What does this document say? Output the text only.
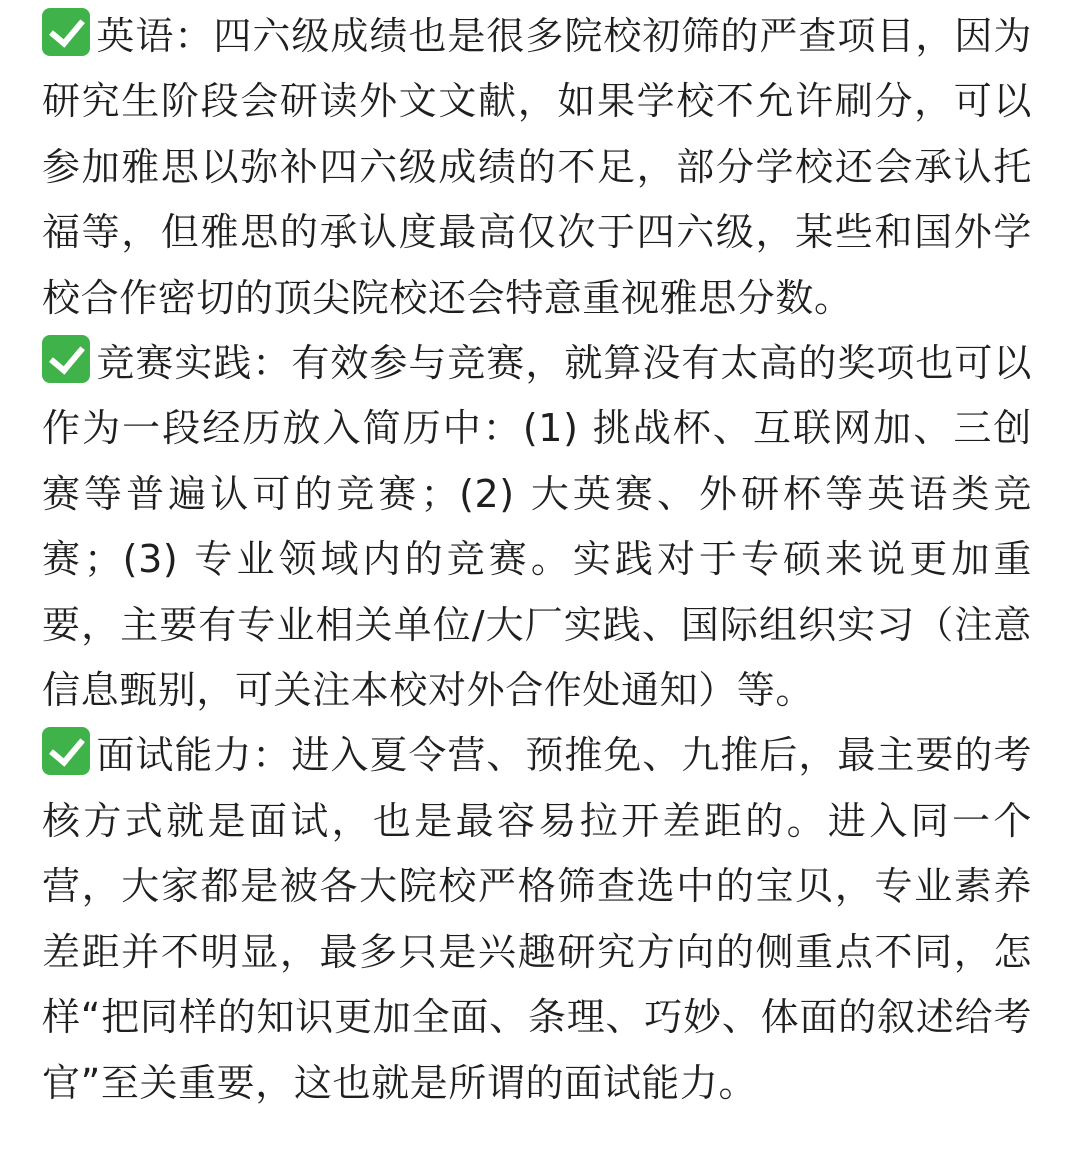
英语：四六级成绩也是很多院校初筛的严查项目，因为研究生阶段会研读外文文献，如果学校不允许刷分，可以参加雅思以弥补四六级成绩的不足，部分学校还会承认托福等，但雅思的承认度最高仅次于四六级，某些和国外学校合作密切的顶尖院校还会特意重视雅思分数。

竞赛实践：有效参与竞赛，就算没有太高的奖项也可以作为一段经历放入简历中：(1) 挑战杯、互联网加、三创赛等普遍认可的竞赛；(2) 大英赛、外研杯等英语类竞赛；(3) 专业领域内的竞赛。实践对于专硕来说更加重要，主要有专业相关单位/大厂实践、国际组织实习（注意信息甄别，可关注本校对外合作处通知）等。

面试能力：进入夏令营、预推免、九推后，最主要的考核方式就是面试，也是最容易拉开差距的。进入同一个营，大家都是被各大院校严格筛查选中的宝贝，专业素养差距并不明显，最多只是兴趣研究方向的侧重点不同，怎样“把同样的知识更加全面、条理、巧妙、体面的叙述给考官”至关重要，这也就是所谓的面试能力。
